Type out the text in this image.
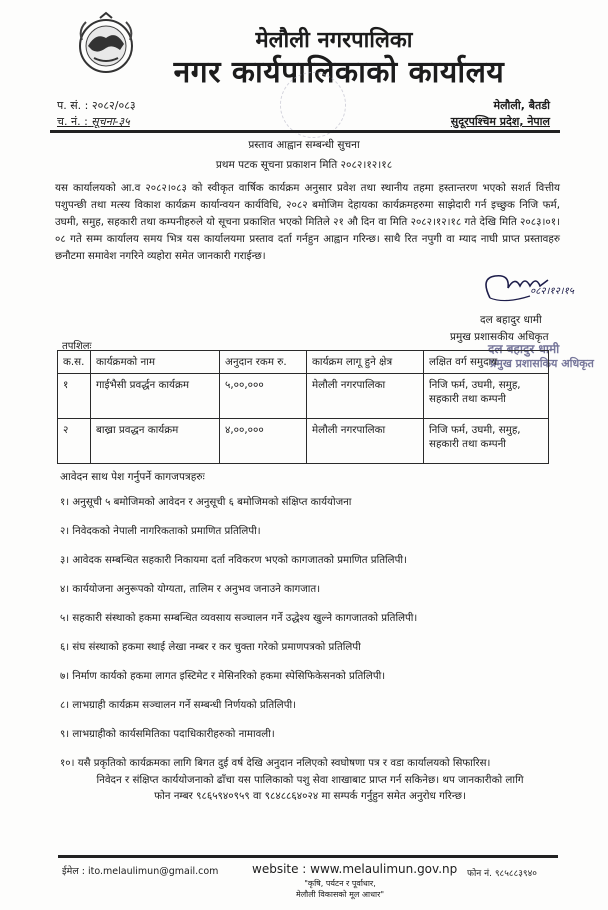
मेलौली नगरपालिका
नगर कार्यपालिकाको कार्यालय
प. सं. : २०८२/०८३
च. नं. : सूचना-३५
मेलौली, बैतडी
सुदूरपश्चिम प्रदेश, नेपाल
प्रस्ताव आह्वान सम्बन्धी सुचना
प्रथम पटक सूचना प्रकाशन मिति २०८२।१२।१८
यस कार्यालयको आ.व २०८२।०८३ को स्वीकृत वार्षिक कार्यक्रम अनुसार प्रवेश तथा स्थानीय तहमा हस्तान्तरण भएको सशर्त वित्तीय पशुपन्छी तथा मत्स्य विकाश कार्यक्रम कार्यान्वयन कार्यविधि, २०८२ बमोजिम देहायका कार्यक्रमहरुमा साझेदारी गर्न इच्छुक निजि फर्म, उघमी, समुह, सहकारी तथा कम्पनीहरुले यो सूचना प्रकाशित भएको मितिले २१ औ दिन वा मिति २०८२।१२।१८ गते देखि मिति २०८३।०१।०८ गते सम्म कार्यालय समय भित्र यस कार्यालयमा प्रस्ताव दर्ता गर्नहुन आह्वान गरिन्छ। साथै रित नपुगी वा म्याद नाघी प्राप्त प्रस्तावहरु छनौटमा समावेश नगरिने व्यहोरा समेत जानकारी गराईन्छ।
०८२।१२।१५
दल बहादुर धामी
प्रमुख प्रशासकीय अधिकृत
दल बहादुर धामी
प्रमुख प्रशासकिय अधिकृत
तपशिलः
क.स.	कार्यक्रमको नाम	अनुदान रकम रु.	कार्यक्रम लागू हुने क्षेत्र	लक्षित वर्ग समुदाय
१	गाईभैसी प्रवर्द्धन कार्यक्रम	५,००,०००	मेलौली नगरपालिका	निजि फर्म, उघमी, समुह, सहकारी तथा कम्पनी
२	बाख्रा प्रवद्धन कार्यक्रम	४,००,०००	मेलौली नगरपालिका	निजि फर्म, उघमी, समुह, सहकारी तथा कम्पनी
आवेदन साथ पेश गर्नुपर्ने कागजपत्रहरुः
१। अनुसूची ५ बमोजिमको आवेदन र अनुसूची ६ बमोजिमको संक्षिप्त कार्ययोजना
२। निवेदकको नेपाली नागरिकताको प्रमाणित प्रतिलिपी।
३। आवेदक सम्बन्धित सहकारी निकायमा दर्ता नविकरण भएको कागजातको प्रमाणित प्रतिलिपी।
४। कार्ययोजना अनुरूपको योग्यता, तालिम र अनुभव जनाउने कागजात।
५। सहकारी संस्थाको हकमा सम्बन्धित व्यवसाय सञ्चालन गर्ने उद्धेश्य खुल्ने कागजातको प्रतिलिपी।
६। संघ संस्थाको हकमा स्थाई लेखा नम्बर र कर चुक्ता गरेको प्रमाणपत्रको प्रतिलिपी
७। निर्माण कार्यको हकमा लागत इस्टिमेट र मेसिनरिको हकमा स्पेसिफिकेसनको प्रतिलिपी।
८। लाभग्राही कार्यक्रम सञ्चालन गर्ने सम्बन्धी निर्णयको प्रतिलिपी।
९। लाभग्राहीको कार्यसमितिका पदाधिकारीहरुको नामावली।
१०। यसै प्रकृतिको कार्यक्रमका लागि बिगत दुई वर्ष देखि अनुदान नलिएको स्वघोषणा पत्र र वडा कार्यालयको सिफारिस।
निवेदन र संक्षिप्त कार्ययोजनाको ढाँचा यस पालिकाको पशु सेवा शाखाबाट प्राप्त गर्न सकिनेछ। थप जानकारीको लागि
फोन नम्बर ९८६५९४०९५९ वा ९८४८८६४०२४ मा सम्पर्क गर्नुहुन समेत अनुरोध गरिन्छ।
ईमेल : ito.melaulimun@gmail.com	website : www.melaulimun.gov.np फोन नं. ९८५८८३९४०
"कृषि, पर्यटन र पूर्वाधार,
मेलौली विकासको मूल आधार"
